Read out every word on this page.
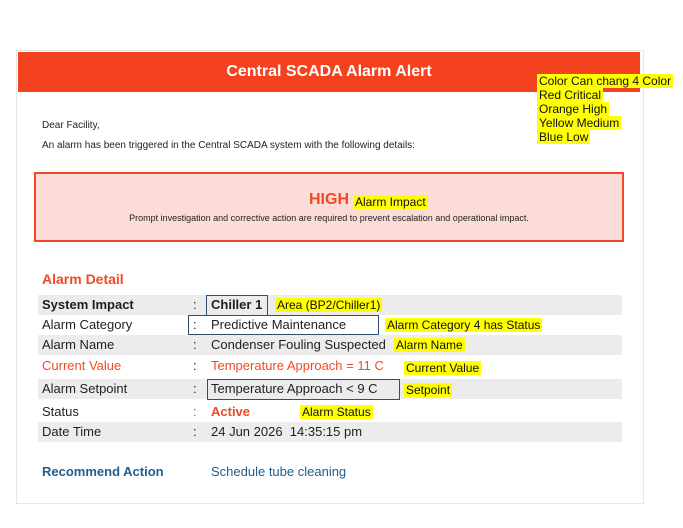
Central SCADA Alarm Alert
Color Can chang 4 Color
Red Critical
Orange High
Yellow Medium
Blue Low
Dear Facility,
An alarm has been triggered in the Central SCADA system with the following details:
HIGH Alarm Impact
Prompt investigation and corrective action are required to prevent escalation and operational impact.
Alarm Detail
System Impact	: Chiller 1 Area (BP2/Chiller1)
Alarm Category	: Predictive Maintenance	Alarm Category 4 has Status
Alarm Name	: Condenser Fouling Suspected Alarm Name
Current Value	: Temperature Approach = 11 C Current Value
Alarm Setpoint	: Temperature Approach < 9 C Setpoint
Status	: Active	Alarm Status
Date Time	: 24 Jun 2026  14:35:15 pm
Recommend Action	Schedule tube cleaning
